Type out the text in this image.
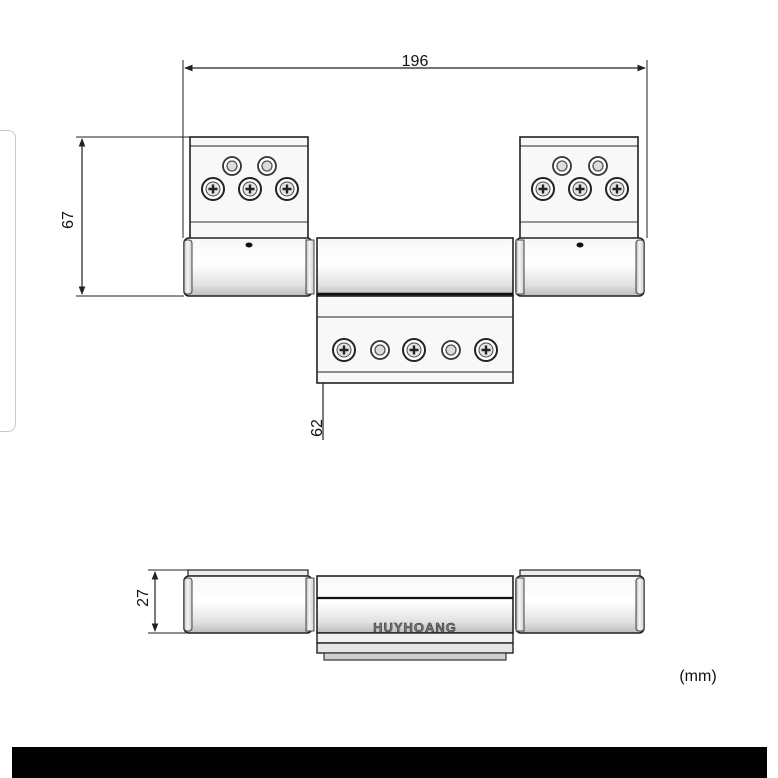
196
67
62
27
HUYHOANG
(mm)
